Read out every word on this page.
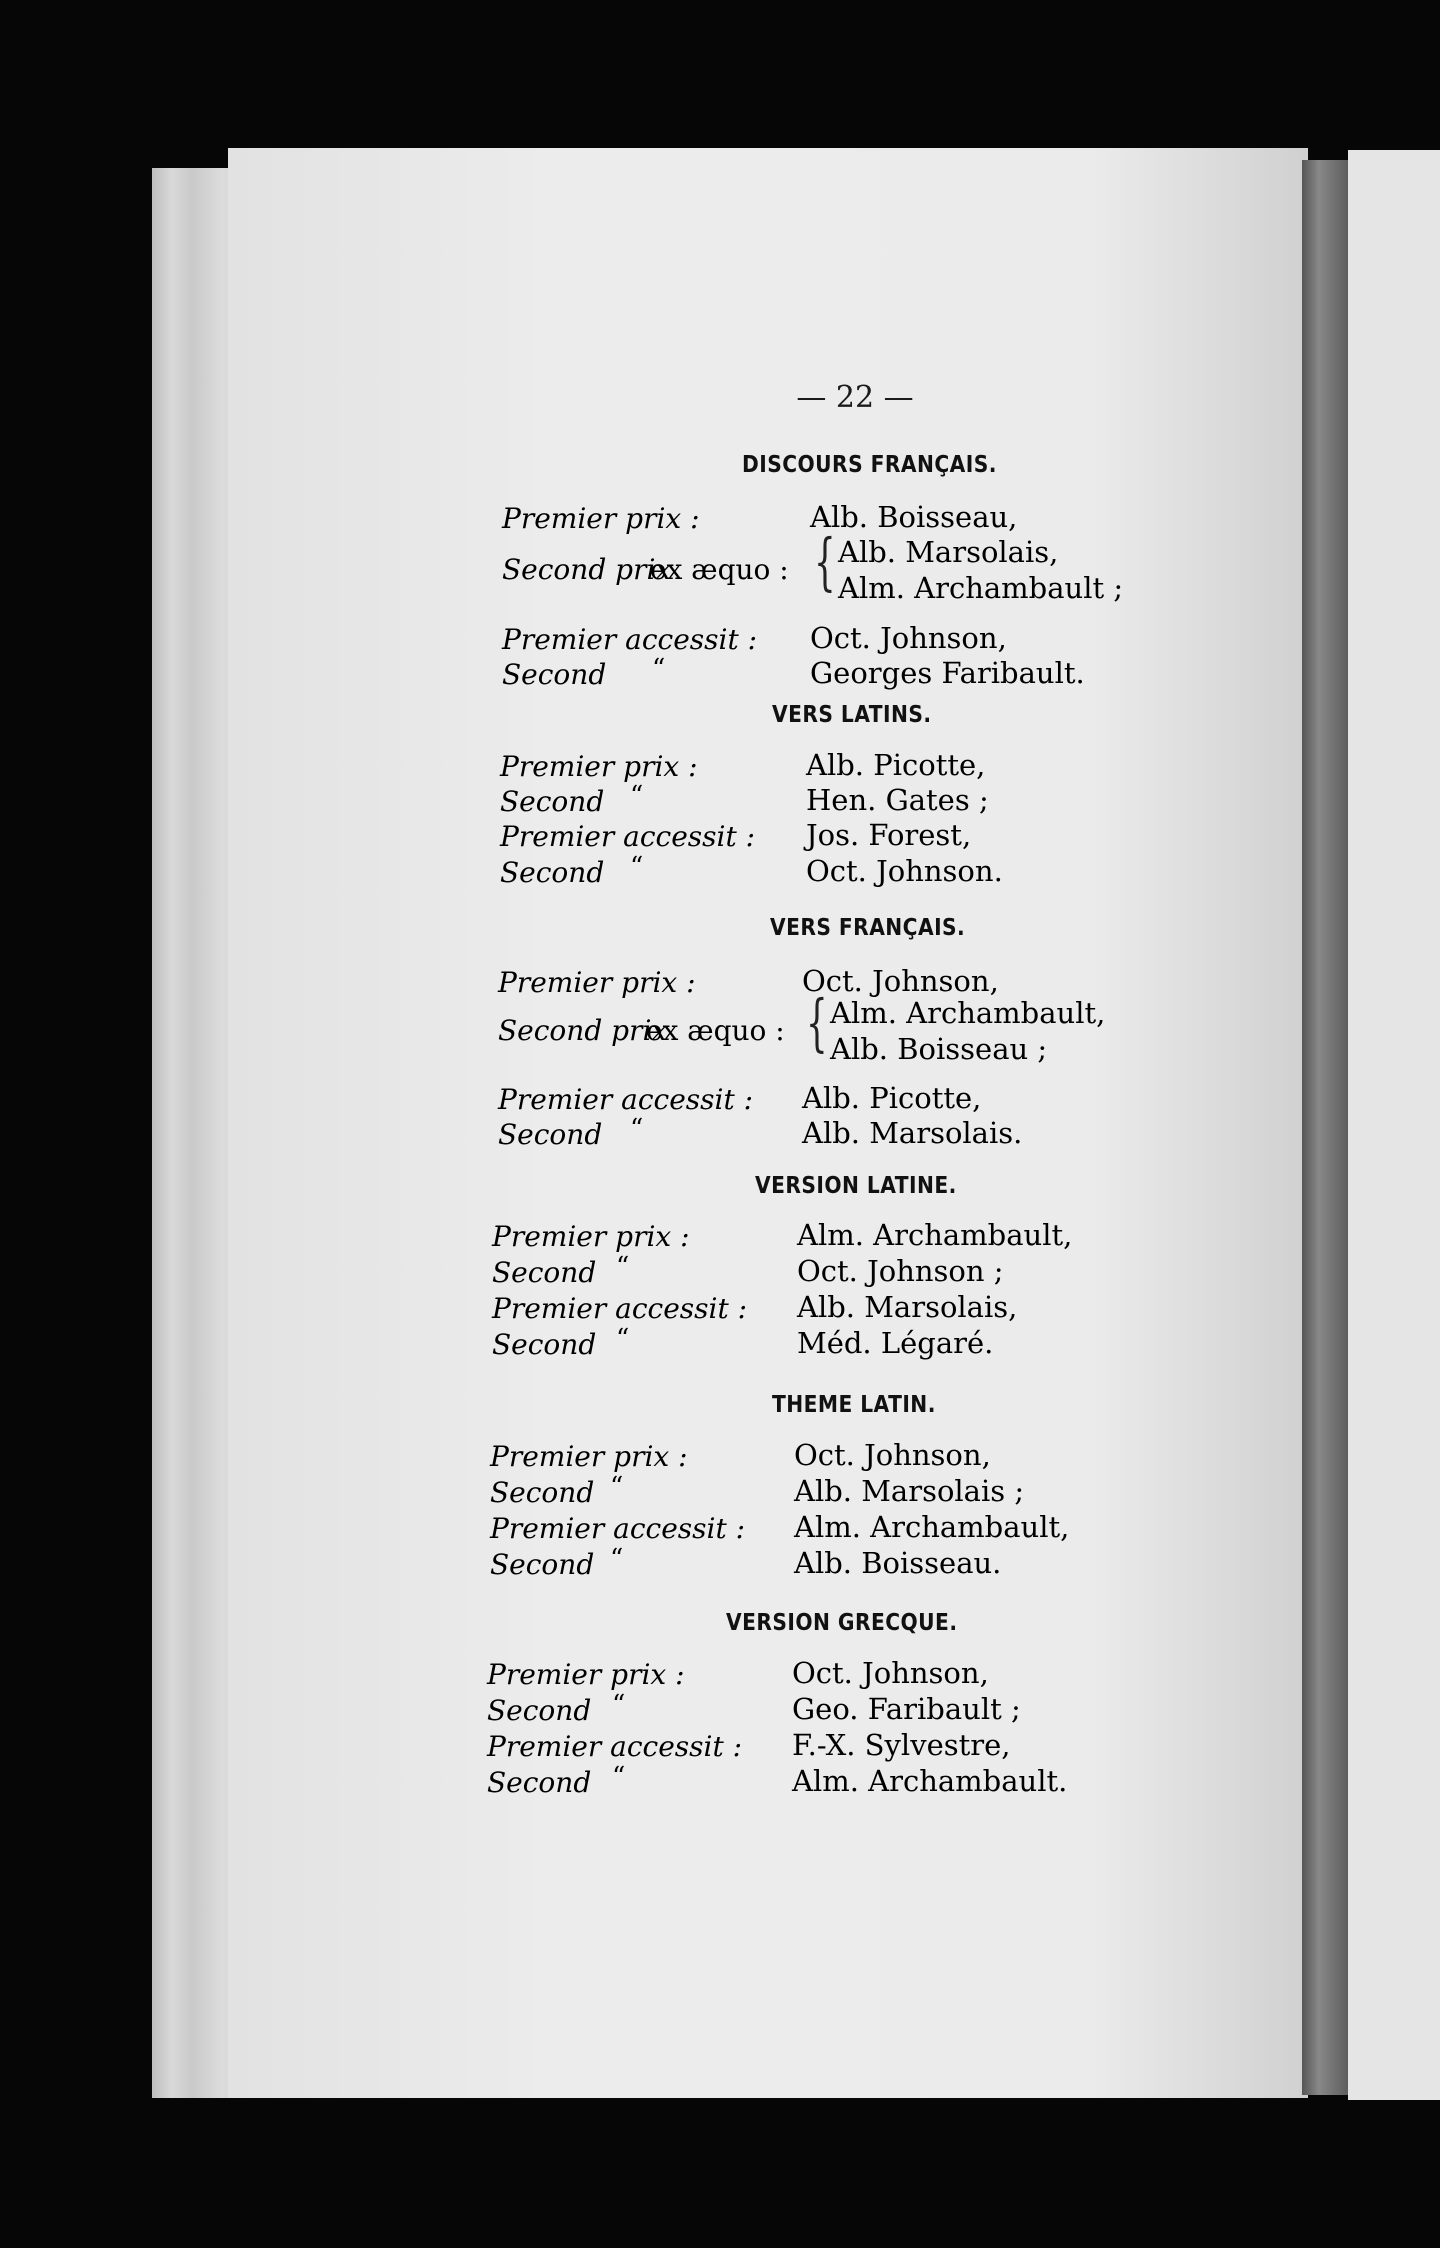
— 22 —
DISCOURS FRANÇAIS.
Premier prix :	Alb. Boisseau,
Second prix
ex æquo : { Alb. Marsolais,
Alm. Archambault ;
Premier accessit : Oct. Johnson,
Second “	Georges Faribault.
VERS LATINS.
Premier prix :	Alb. Picotte,
Second “	Hen. Gates ;
Premier accessit : Jos. Forest,
Second “	Oct. Johnson.
VERS FRANÇAIS.
Premier prix :	Oct. Johnson,
Second prix
ex æquo : { Alm. Archambault,
Alb. Boisseau ;
Premier accessit : Alb. Picotte,
Second “	Alb. Marsolais.
VERSION LATINE.
Premier prix :	Alm. Archambault,
Second “	Oct. Johnson ;
Premier accessit : Alb. Marsolais,
Second “	Méd. Légaré.
THEME LATIN.
Premier prix :	Oct. Johnson,
Second “	Alb. Marsolais ;
Premier accessit : Alm. Archambault,
Second “	Alb. Boisseau.
VERSION GRECQUE.
Premier prix :	Oct. Johnson,
Second “	Geo. Faribault ;
Premier accessit : F.-X. Sylvestre,
Second “	Alm. Archambault.
